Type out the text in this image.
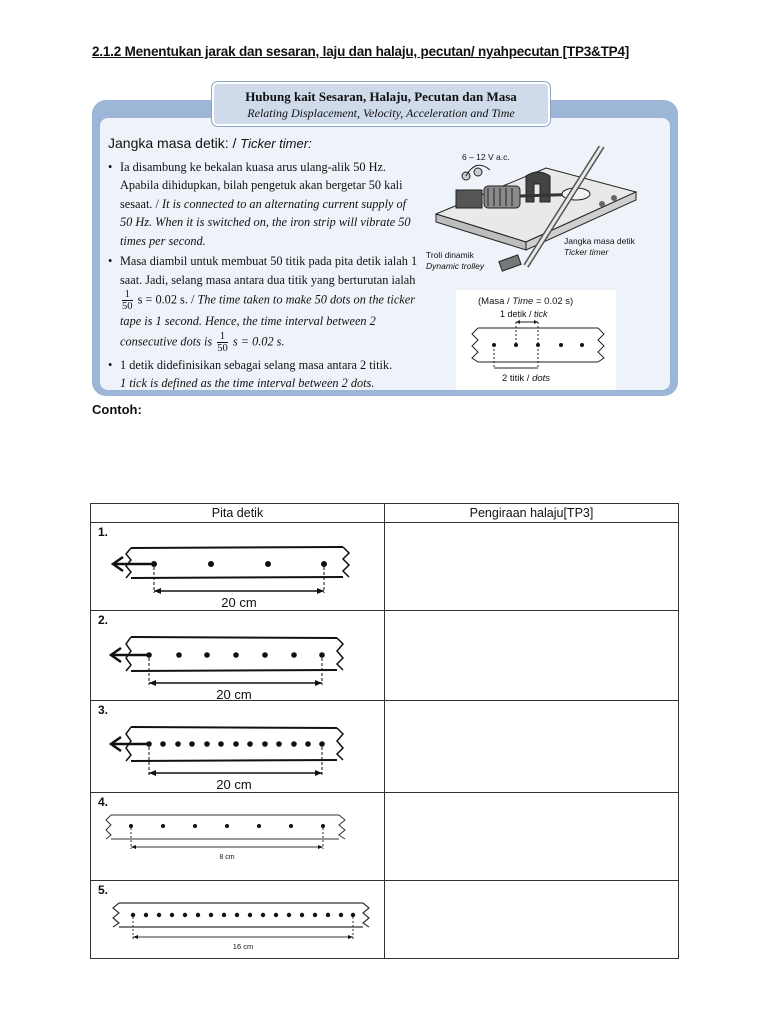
2.1.2 Menentukan jarak dan sesaran, laju dan halaju, pecutan/ nyahpecutan [TP3&TP4]
Hubung kait Sesaran, Halaju, Pecutan dan Masa
Relating Displacement, Velocity, Acceleration and Time
Jangka masa detik: / Ticker timer:
• Ia disambung ke bekalan kuasa arus ulang-alik 50 Hz. Apabila dihidupkan, bilah pengetuk akan bergetar 50 kali sesaat. / It is connected to an alternating current supply of 50 Hz. When it is switched on, the iron strip will vibrate 50 times per second.
• Masa diambil untuk membuat 50 titik pada pita detik ialah 1 saat. Jadi, selang masa antara dua titik yang berturutan ialah
$\frac{1}{50}$ s = 0.02 s. / The time taken to make 50 dots on the ticker tape is 1 second. Hence, the time interval between 2 consecutive dots is $\frac{1}{50}$ s = 0.02 s.
• 1 detik didefinisikan sebagai selang masa antara 2 titik.
1 tick is defined as the time interval between 2 dots.
6 – 12 V a.c.
Jangka masa detik
Ticker timer
Troli dinamik
Dynamic trolley
(Masa / Time = 0.02 s)
1 detik / tick
2 titik / dots
Contoh:
Pita detik	Pengiraan halaju[TP3]

1.
20 cm	

2.
20 cm	

3.
20 cm	

4.
8 cm	

5.
16 cm	
